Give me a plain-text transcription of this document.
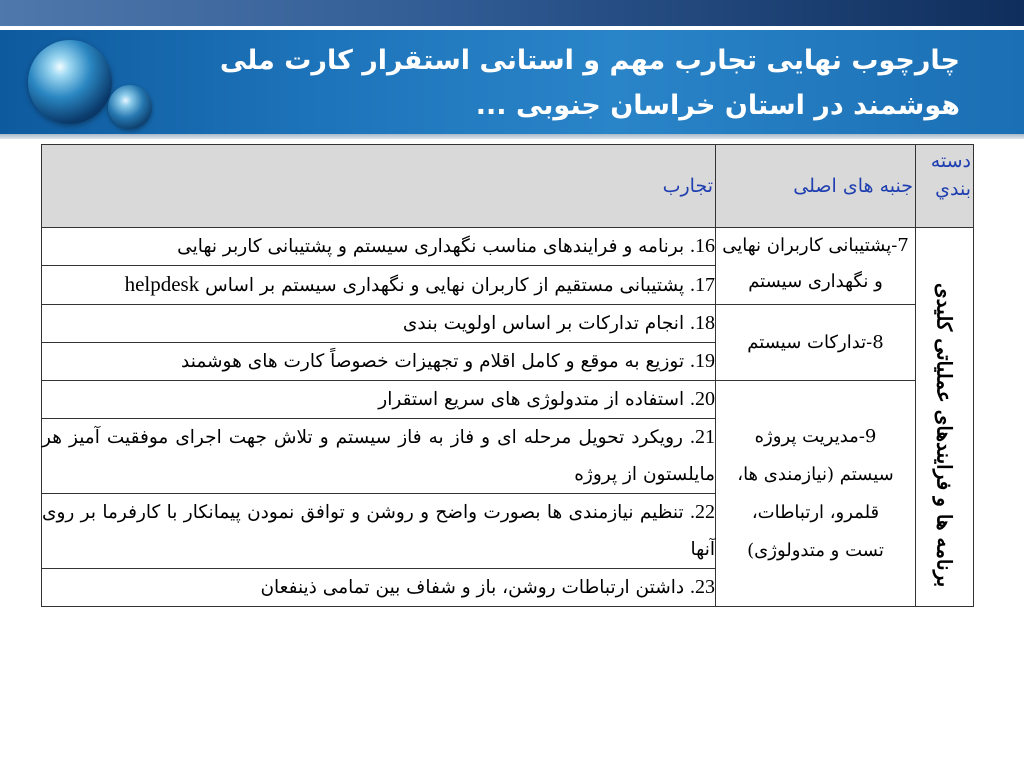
چارچوب نهایی تجارب مهم و استانی استقرار کارت ملی
هوشمند در استان خراسان جنوبی ...
دسته بندي	جنبه های اصلی	تجارب

برنامه ها و فرایندهای عملیاتی کلیدی	7-پشتیبانی کاربران نهایی و نگهداری سیستم	16. برنامه و فرایندهای مناسب نگهداری سیستم و پشتیبانی کاربر نهایی
		17. پشتیبانی مستقیم از کاربران نهایی و نگهداری سیستم بر اساس helpdesk
	8-تدارکات سیستم	18. انجام تدارکات بر اساس اولویت بندی
		19. توزیع به موقع و کامل اقلام و تجهیزات خصوصاً کارت های هوشمند
	9-مدیریت پروژه سیستم (نیازمندی ها، قلمرو، ارتباطات، تست و متدولوژی)	20. استفاده از متدولوژی های سریع استقرار
		21. رویکرد تحویل مرحله ای و فاز به فاز سیستم و تلاش جهت اجرای موفقیت آمیز هر مایلستون از پروژه
		22. تنظیم نیازمندی ها بصورت واضح و روشن و توافق نمودن پیمانکار با کارفرما بر روی آنها
		23. داشتن ارتباطات روشن، باز و شفاف بین تمامی ذینفعان
